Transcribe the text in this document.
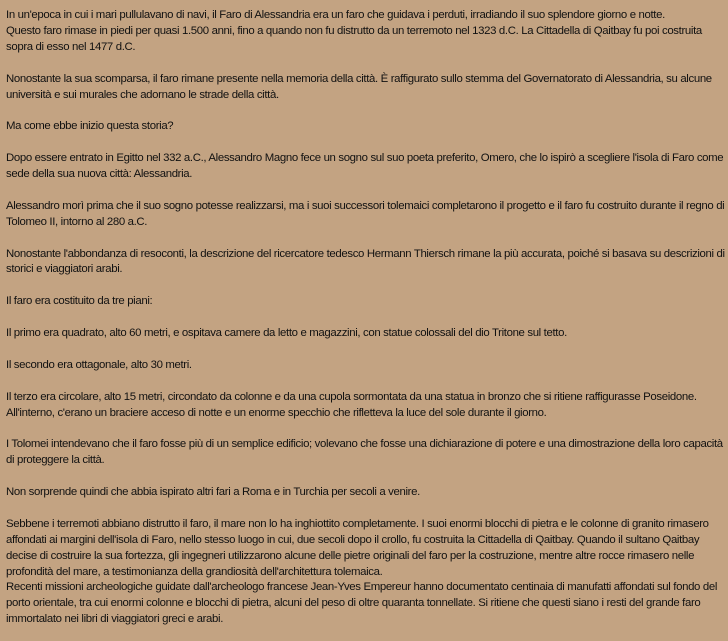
In un'epoca in cui i mari pullulavano di navi, il Faro di Alessandria era un faro che guidava i perduti, irradiando il suo splendore giorno e notte.
Questo faro rimase in piedi per quasi 1.500 anni, fino a quando non fu distrutto da un terremoto nel 1323 d.C. La Cittadella di Qaitbay fu poi costruita sopra di esso nel 1477 d.C.

Nonostante la sua scomparsa, il faro rimane presente nella memoria della città. È raffigurato sullo stemma del Governatorato di Alessandria, su alcune università e sui murales che adornano le strade della città.

Ma come ebbe inizio questa storia?

Dopo essere entrato in Egitto nel 332 a.C., Alessandro Magno fece un sogno sul suo poeta preferito, Omero, che lo ispirò a scegliere l'isola di Faro come sede della sua nuova città: Alessandria.

Alessandro morì prima che il suo sogno potesse realizzarsi, ma i suoi successori tolemaici completarono il progetto e il faro fu costruito durante il regno di Tolomeo II, intorno al 280 a.C.

Nonostante l'abbondanza di resoconti, la descrizione del ricercatore tedesco Hermann Thiersch rimane la più accurata, poiché si basava su descrizioni di storici e viaggiatori arabi.

Il faro era costituito da tre piani:

Il primo era quadrato, alto 60 metri, e ospitava camere da letto e magazzini, con statue colossali del dio Tritone sul tetto.

Il secondo era ottagonale, alto 30 metri.

Il terzo era circolare, alto 15 metri, circondato da colonne e da una cupola sormontata da una statua in bronzo che si ritiene raffigurasse Poseidone.
All'interno, c'erano un braciere acceso di notte e un enorme specchio che rifletteva la luce del sole durante il giorno.

I Tolomei intendevano che il faro fosse più di un semplice edificio; volevano che fosse una dichiarazione di potere e una dimostrazione della loro capacità di proteggere la città.

Non sorprende quindi che abbia ispirato altri fari a Roma e in Turchia per secoli a venire.

Sebbene i terremoti abbiano distrutto il faro, il mare non lo ha inghiottito completamente. I suoi enormi blocchi di pietra e le colonne di granito rimasero affondati ai margini dell'isola di Faro, nello stesso luogo in cui, due secoli dopo il crollo, fu costruita la Cittadella di Qaitbay. Quando il sultano Qaitbay decise di costruire la sua fortezza, gli ingegneri utilizzarono alcune delle pietre originali del faro per la costruzione, mentre altre rocce rimasero nelle profondità del mare, a testimonianza della grandiosità dell'architettura tolemaica.
Recenti missioni archeologiche guidate dall'archeologo francese Jean-Yves Empereur hanno documentato centinaia di manufatti affondati sul fondo del porto orientale, tra cui enormi colonne e blocchi di pietra, alcuni del peso di oltre quaranta tonnellate. Si ritiene che questi siano i resti del grande faro immortalato nei libri di viaggiatori greci e arabi.
